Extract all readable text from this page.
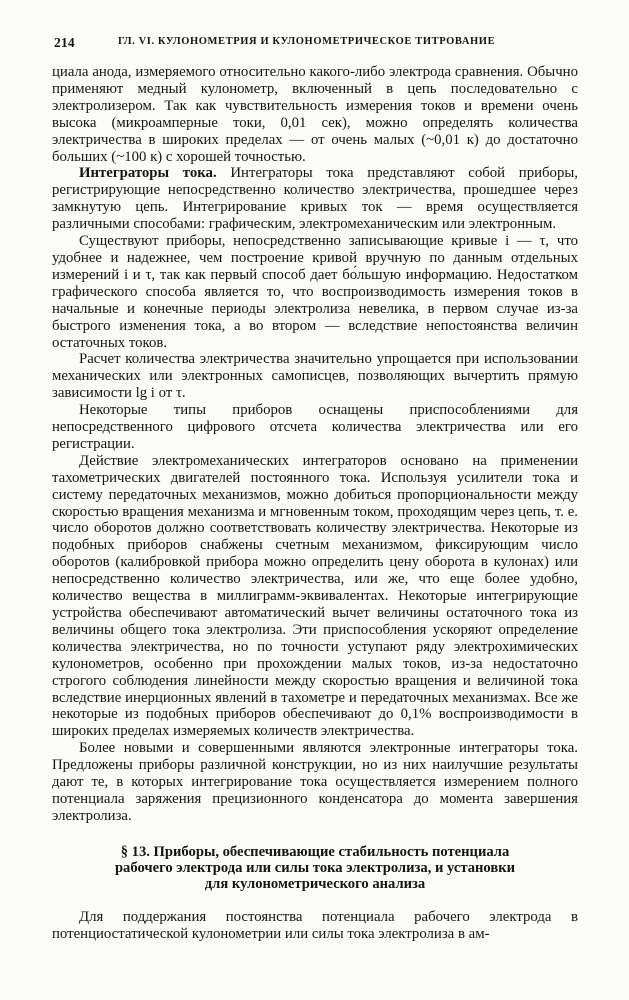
214	ГЛ. VI. КУЛОНОМЕТРИЯ И КУЛОНОМЕТРИЧЕСКОЕ ТИТРОВАНИЕ

циала анода, измеряемого относительно какого-либо электрода сравнения. Обычно применяют медный кулонометр, включенный в цепь последовательно с электролизером. Так как чувствительность измерения токов и времени очень высока (микроамперные токи, 0,01 сек), можно определять количества электричества в широких пределах — от очень малых (~0,01 к) до достаточно больших (~100 к) с хорошей точностью.

Интеграторы тока. Интеграторы тока представляют собой приборы, регистрирующие непосредственно количество электричества, прошедшее через замкнутую цепь. Интегрирование кривых ток — время осуществляется различными способами: графическим, электромеханическим или электронным.

Существуют приборы, непосредственно записывающие кривые i — τ, что удобнее и надежнее, чем построение кривой вручную по данным отдельных измерений i и τ, так как первый способ дает бо́льшую информацию. Недостатком графического способа является то, что воспроизводимость измерения токов в начальные и конечные периоды электролиза невелика, в первом случае из-за быстрого изменения тока, а во втором — вследствие непостоянства величин остаточных токов.

Расчет количества электричества значительно упрощается при использовании механических или электронных самописцев, позволяющих вычертить прямую зависимости lg i от τ.

Некоторые типы приборов оснащены приспособлениями для непосредственного цифрового отсчета количества электричества или его регистрации.

Действие электромеханических интеграторов основано на применении тахометрических двигателей постоянного тока. Используя усилители тока и систему передаточных механизмов, можно добиться пропорциональности между скоростью вращения механизма и мгновенным током, проходящим через цепь, т. е. число оборотов должно соответствовать количеству электричества. Некоторые из подобных приборов снабжены счетным механизмом, фиксирующим число оборотов (калибровкой прибора можно определить цену оборота в кулонах) или непосредственно количество электричества, или же, что еще более удобно, количество вещества в миллиграмм-эквивалентах. Некоторые интегрирующие устройства обеспечивают автоматический вычет величины остаточного тока из величины общего тока электролиза. Эти приспособления ускоряют определение количества электричества, но по точности уступают ряду электрохимических кулонометров, особенно при прохождении малых токов, из-за недостаточно строгого соблюдения линейности между скоростью вращения и величиной тока вследствие инерционных явлений в тахометре и передаточных механизмах. Все же некоторые из подобных приборов обеспечивают до 0,1% воспроизводимости в широких пределах измеряемых количеств электричества.

Более новыми и совершенными являются электронные интеграторы тока. Предложены приборы различной конструкции, но из них наилучшие результаты дают те, в которых интегрирование тока осуществляется измерением полного потенциала заряжения прецизионного конденсатора до момента завершения электролиза.

§ 13. Приборы, обеспечивающие стабильность потенциала
рабочего электрода или силы тока электролиза, и установки
для кулонометрического анализа

Для поддержания постоянства потенциала рабочего электрода в потенциостатической кулонометрии или силы тока электролиза в ам-
